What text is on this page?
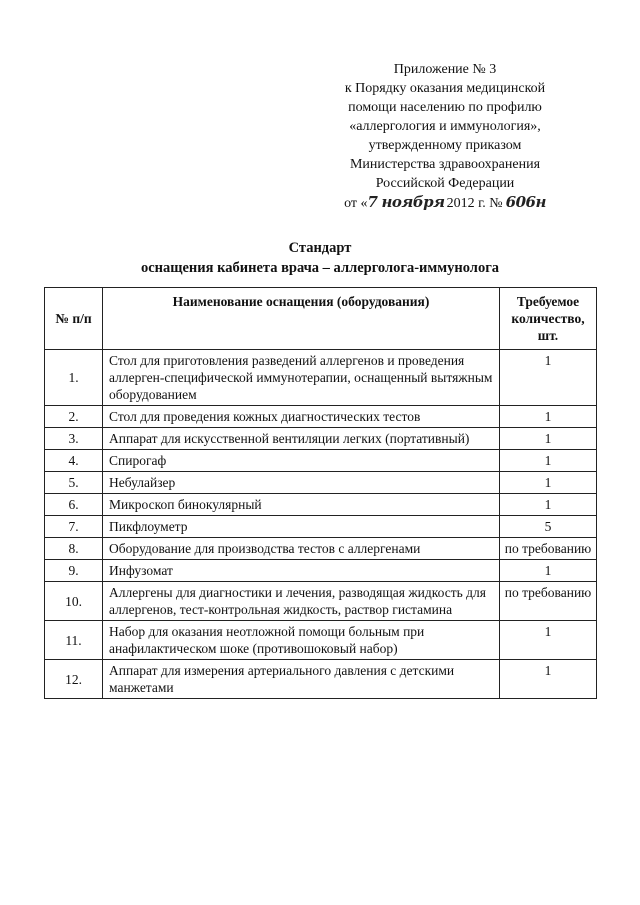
Приложение № 3
к Порядку оказания медицинской
помощи населению по профилю
«аллергология и иммунология»,
утвержденному приказом
Министерства здравоохранения
Российской Федерации
от «7 ноября 2012 г. № 606н
Стандарт
оснащения кабинета врача – аллерголога-иммунолога
№ п/п	Наименование оснащения (оборудования)	Требуемое количество, шт.
1.	Стол для приготовления разведений аллергенов и проведения аллерген-специфической иммунотерапии, оснащенный вытяжным оборудованием	1
2.	Стол для проведения кожных диагностических тестов	1
3.	Аппарат для искусственной вентиляции легких (портативный)	1
4.	Спирогаф	1
5.	Небулайзер	1
6.	Микроскоп бинокулярный	1
7.	Пикфлоуметр	5
8.	Оборудование для производства тестов с аллергенами	по требованию
9.	Инфузомат	1
10.	Аллергены для диагностики и лечения, разводящая жидкость для аллергенов, тест-контрольная жидкость, раствор гистамина	по требованию
11.	Набор для оказания неотложной помощи больным при анафилактическом шоке (противошоковый набор)	1
12.	Аппарат для измерения артериального давления с детскими манжетами	1
